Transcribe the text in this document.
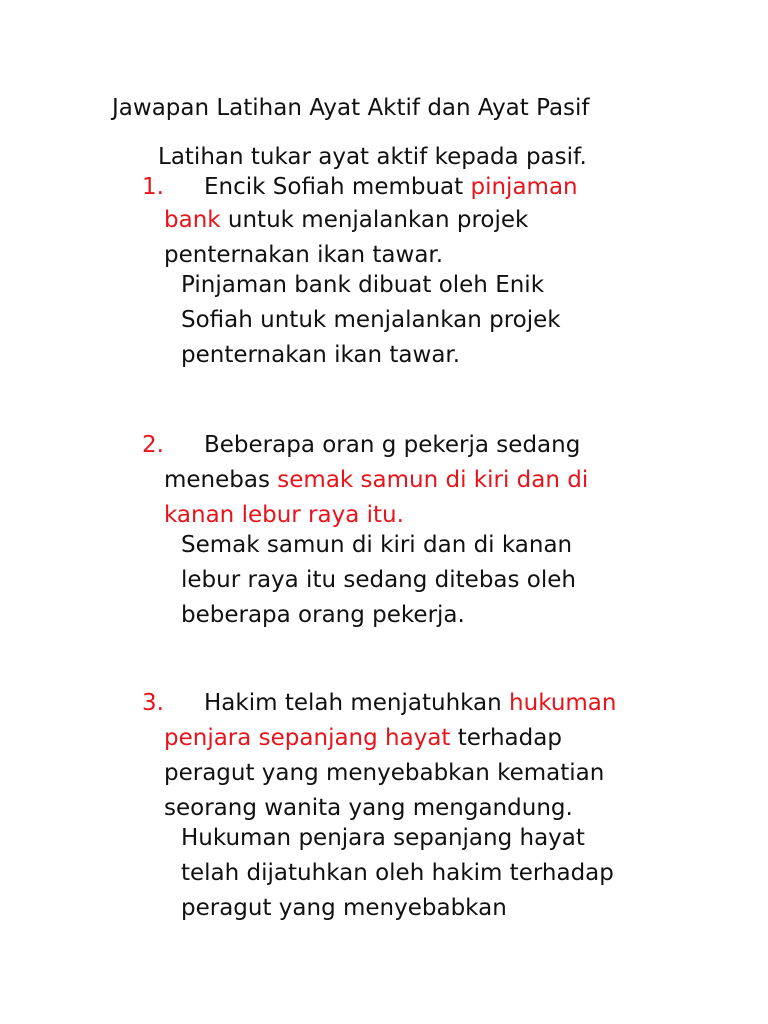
Jawapan Latihan Ayat Aktif dan Ayat Pasif
Latihan tukar ayat aktif kepada pasif.
1. Encik Sofiah membuat pinjaman
bank untuk menjalankan projek
penternakan ikan tawar.
Pinjaman bank dibuat oleh Enik
Sofiah untuk menjalankan projek
penternakan ikan tawar.
2. Beberapa oran g pekerja sedang
menebas semak samun di kiri dan di
kanan lebur raya itu.
Semak samun di kiri dan di kanan
lebur raya itu sedang ditebas oleh
beberapa orang pekerja.
3. Hakim telah menjatuhkan hukuman
penjara sepanjang hayat terhadap
peragut yang menyebabkan kematian
seorang wanita yang mengandung.
Hukuman penjara sepanjang hayat
telah dijatuhkan oleh hakim terhadap
peragut yang menyebabkan
